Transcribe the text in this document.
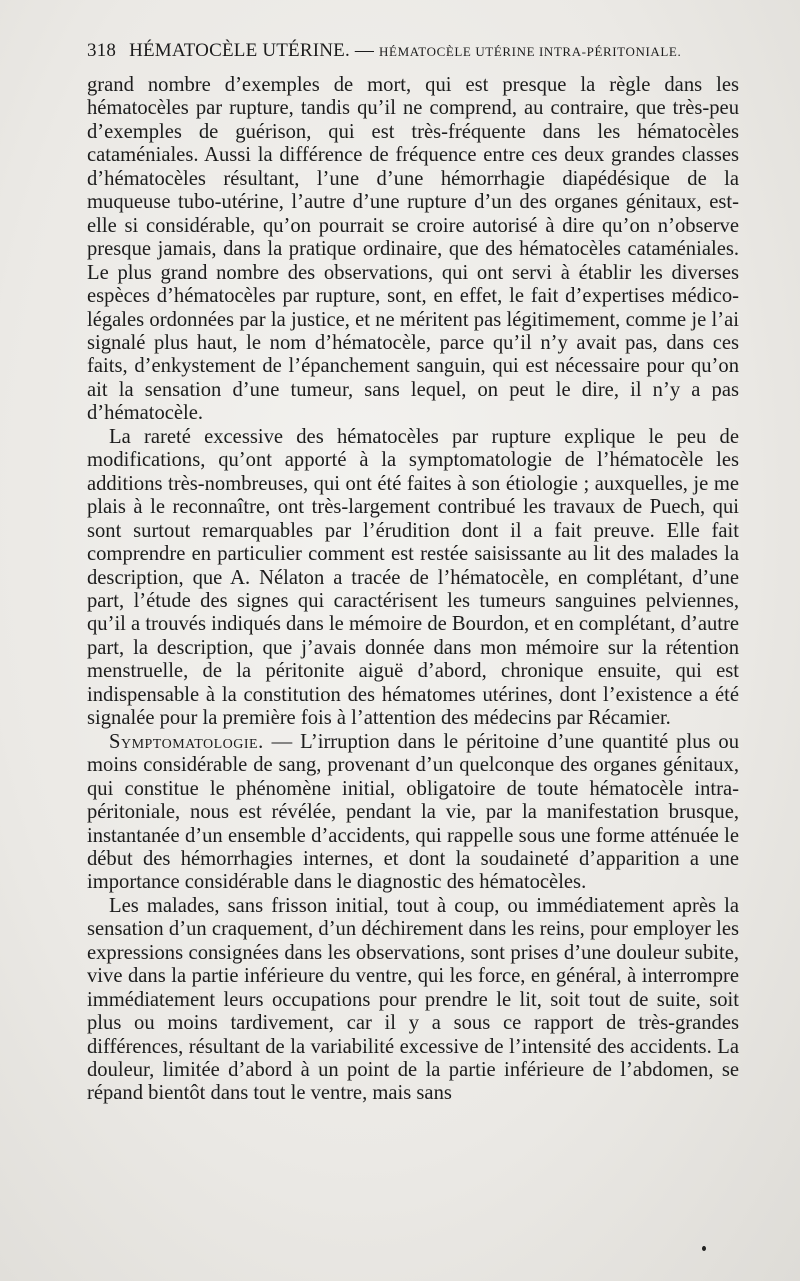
318 HÉMATOCÈLE UTÉRINE. — HÉMATOCÈLE UTÉRINE INTRA-PÉRITONIALE.

grand nombre d’exemples de mort, qui est presque la règle dans les hématocèles par rupture, tandis qu’il ne comprend, au contraire, que très-peu d’exemples de guérison, qui est très-fréquente dans les hématocèles cataméniales. Aussi la différence de fréquence entre ces deux grandes classes d’hématocèles résultant, l’une d’une hémorrhagie diapédésique de la muqueuse tubo-utérine, l’autre d’une rupture d’un des organes génitaux, est-elle si considérable, qu’on pourrait se croire autorisé à dire qu’on n’observe presque jamais, dans la pratique ordinaire, que des hématocèles cataméniales. Le plus grand nombre des observations, qui ont servi à établir les diverses espèces d’hématocèles par rupture, sont, en effet, le fait d’expertises médico-légales ordonnées par la justice, et ne méritent pas légitimement, comme je l’ai signalé plus haut, le nom d’hématocèle, parce qu’il n’y avait pas, dans ces faits, d’enkystement de l’épanchement sanguin, qui est nécessaire pour qu’on ait la sensation d’une tumeur, sans lequel, on peut le dire, il n’y a pas d’hématocèle.

La rareté excessive des hématocèles par rupture explique le peu de modifications, qu’ont apporté à la symptomatologie de l’hématocèle les additions très-nombreuses, qui ont été faites à son étiologie ; auxquelles, je me plais à le reconnaître, ont très-largement contribué les travaux de Puech, qui sont surtout remarquables par l’érudition dont il a fait preuve. Elle fait comprendre en particulier comment est restée saisissante au lit des malades la description, que A. Nélaton a tracée de l’hématocèle, en complétant, d’une part, l’étude des signes qui caractérisent les tumeurs sanguines pelviennes, qu’il a trouvés indiqués dans le mémoire de Bourdon, et en complétant, d’autre part, la description, que j’avais donnée dans mon mémoire sur la rétention menstruelle, de la péritonite aiguë d’abord, chronique ensuite, qui est indispensable à la constitution des hématomes utérines, dont l’existence a été signalée pour la première fois à l’attention des médecins par Récamier.

Symptomatologie. — L’irruption dans le péritoine d’une quantité plus ou moins considérable de sang, provenant d’un quelconque des organes génitaux, qui constitue le phénomène initial, obligatoire de toute hématocèle intra-péritoniale, nous est révélée, pendant la vie, par la manifestation brusque, instantanée d’un ensemble d’accidents, qui rappelle sous une forme atténuée le début des hémorrhagies internes, et dont la soudaineté d’apparition a une importance considérable dans le diagnostic des hématocèles.

Les malades, sans frisson initial, tout à coup, ou immédiatement après la sensation d’un craquement, d’un déchirement dans les reins, pour employer les expressions consignées dans les observations, sont prises d’une douleur subite, vive dans la partie inférieure du ventre, qui les force, en général, à interrompre immédiatement leurs occupations pour prendre le lit, soit tout de suite, soit plus ou moins tardivement, car il y a sous ce rapport de très-grandes différences, résultant de la variabilité excessive de l’intensité des accidents. La douleur, limitée d’abord à un point de la partie inférieure de l’abdomen, se répand bientôt dans tout le ventre, mais sans
